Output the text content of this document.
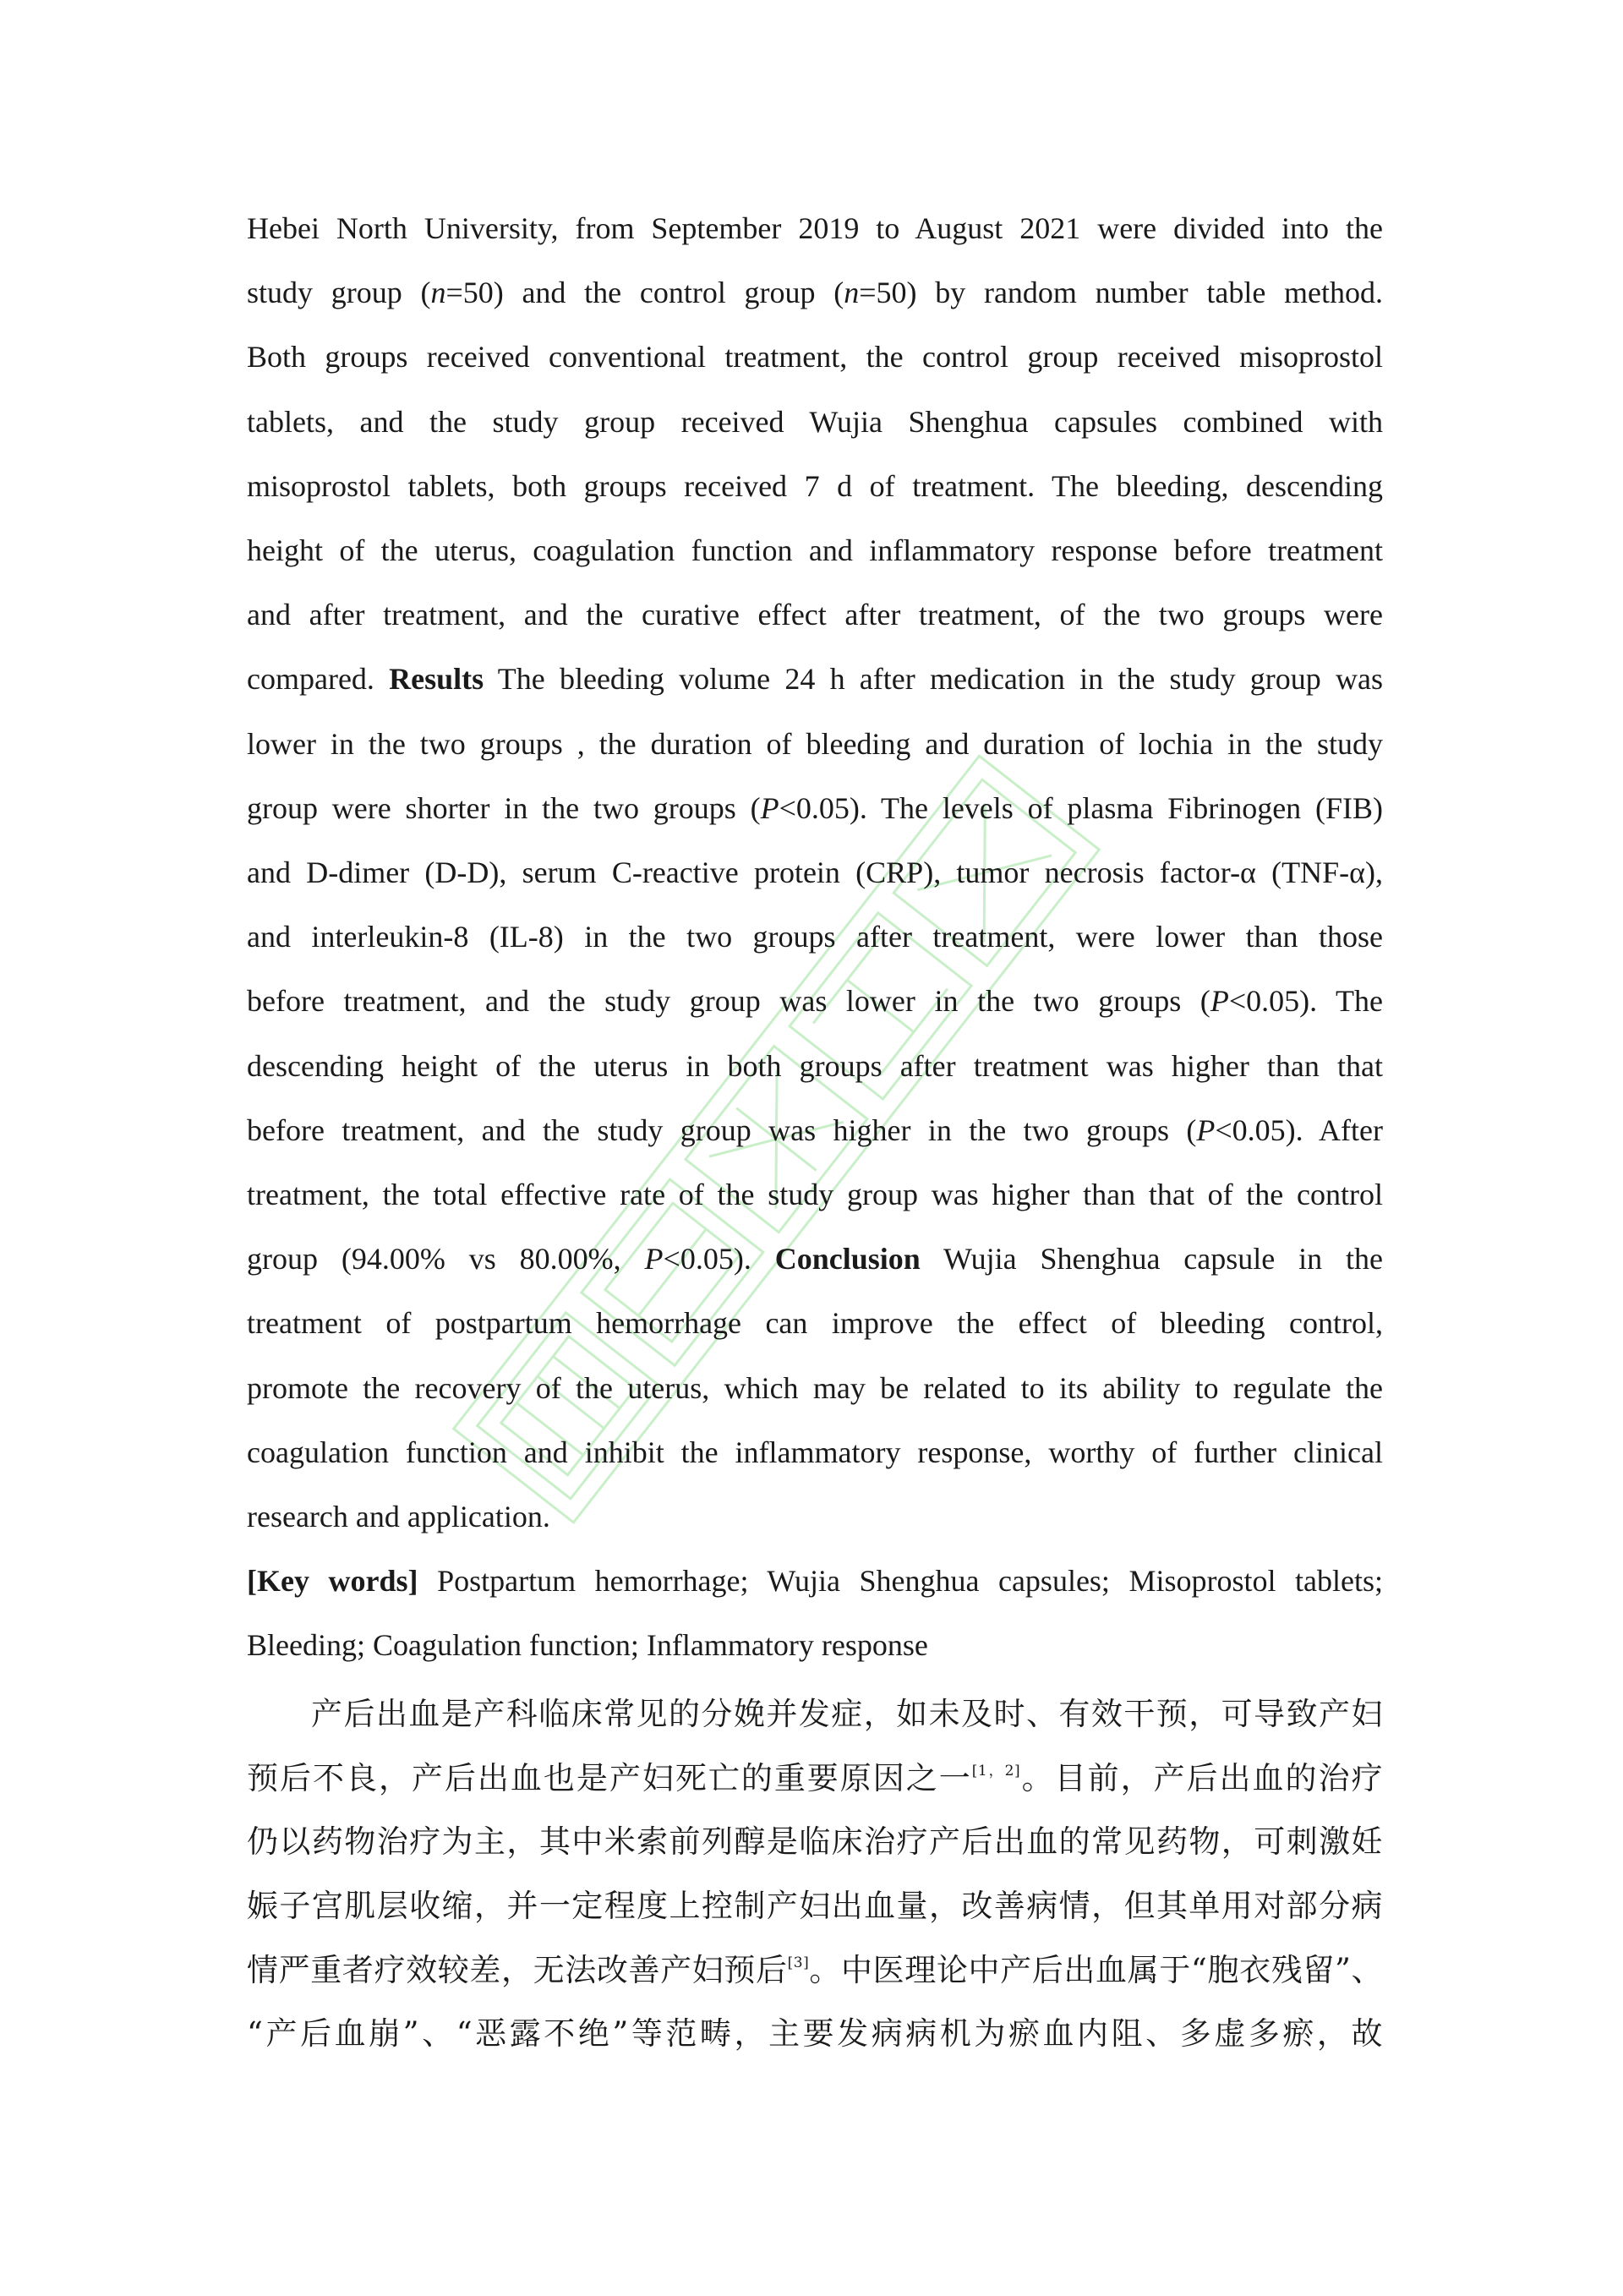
Hebei North University, from September 2019 to August 2021 were divided into the

study group (n=50) and the control group (n=50) by random number table method.

Both groups received conventional treatment, the control group received misoprostol

tablets, and the study group received Wujia Shenghua capsules combined with

misoprostol tablets, both groups received 7 d of treatment. The bleeding, descending

height of the uterus, coagulation function and inflammatory response before treatment

and after treatment, and the curative effect after treatment, of the two groups were

compared. Results The bleeding volume 24 h after medication in the study group was

lower in the two groups , the duration of bleeding and duration of lochia in the study

group were shorter in the two groups (P<0.05). The levels of plasma Fibrinogen (FIB)

and D-dimer (D-D), serum C-reactive protein (CRP), tumor necrosis factor-α (TNF-α),

and interleukin-8 (IL-8) in the two groups after treatment, were lower than those

before treatment, and the study group was lower in the two groups (P<0.05). The

descending height of the uterus in both groups after treatment was higher than that

before treatment, and the study group was higher in the two groups (P<0.05). After

treatment, the total effective rate of the study group was higher than that of the control

group (94.00% vs 80.00%, P<0.05). Conclusion Wujia Shenghua capsule in the

treatment of postpartum hemorrhage can improve the effect of bleeding control,

promote the recovery of the uterus, which may be related to its ability to regulate the

coagulation function and inhibit the inflammatory response, worthy of further clinical

research and application.

[Key words] Postpartum hemorrhage; Wujia Shenghua capsules; Misoprostol tablets;
Bleeding; Coagulation function; Inflammatory response

产后出血是产科临床常见的分娩并发症，如未及时、有效干预，可导致产妇

预后不良，产后出血也是产妇死亡的重要原因之一[1，2]。目前，产后出血的治疗

仍以药物治疗为主，其中米索前列醇是临床治疗产后出血的常见药物，可刺激妊

娠子宫肌层收缩，并一定程度上控制产妇出血量，改善病情，但其单用对部分病

情严重者疗效较差，无法改善产妇预后[3]。中医理论中产后出血属于“胞衣残留”、

“产后血崩”、“恶露不绝”等范畴，主要发病病机为瘀血内阻、多虚多瘀，故
